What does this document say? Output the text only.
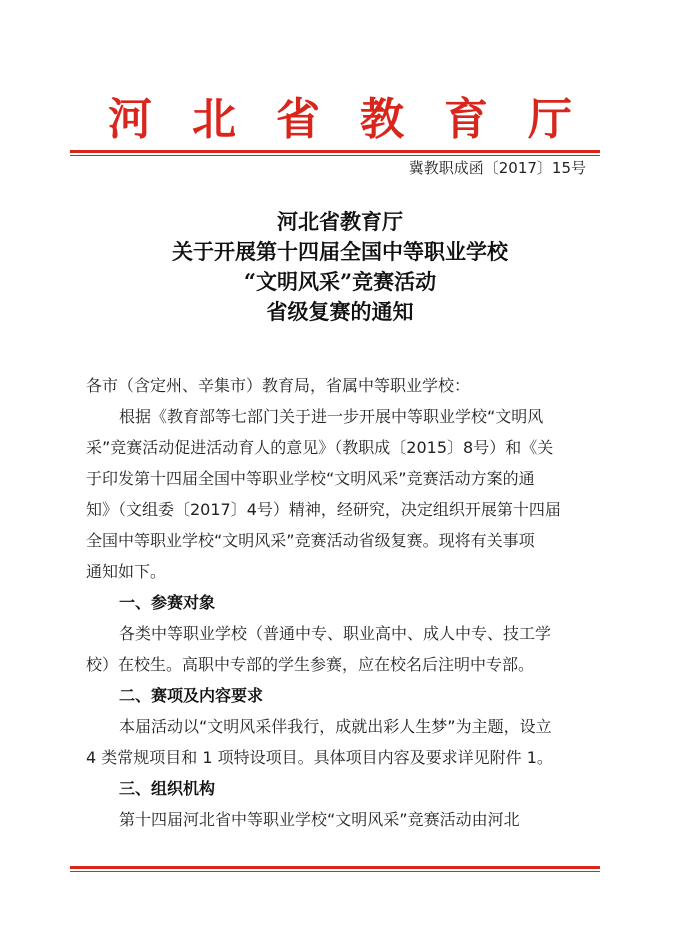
河 北 省 教 育 厅
冀教职成函〔2017〕15号
河北省教育厅
关于开展第十四届全国中等职业学校
“文明风采”竞赛活动
省级复赛的通知

各市（含定州、辛集市）教育局，省属中等职业学校：

根据《教育部等七部门关于进一步开展中等职业学校“文明风

采”竞赛活动促进活动育人的意见》（教职成〔2015〕8号）和《关

于印发第十四届全国中等职业学校“文明风采”竞赛活动方案的通

知》（文组委〔2017〕4号）精神，经研究，决定组织开展第十四届

全国中等职业学校“文明风采”竞赛活动省级复赛。现将有关事项

通知如下。

一、参赛对象

各类中等职业学校（普通中专、职业高中、成人中专、技工学

校）在校生。高职中专部的学生参赛，应在校名后注明中专部。

二、赛项及内容要求

本届活动以“文明风采伴我行，成就出彩人生梦”为主题，设立

4 类常规项目和 1 项特设项目。具体项目内容及要求详见附件 1。

三、组织机构

第十四届河北省中等职业学校“文明风采”竞赛活动由河北
